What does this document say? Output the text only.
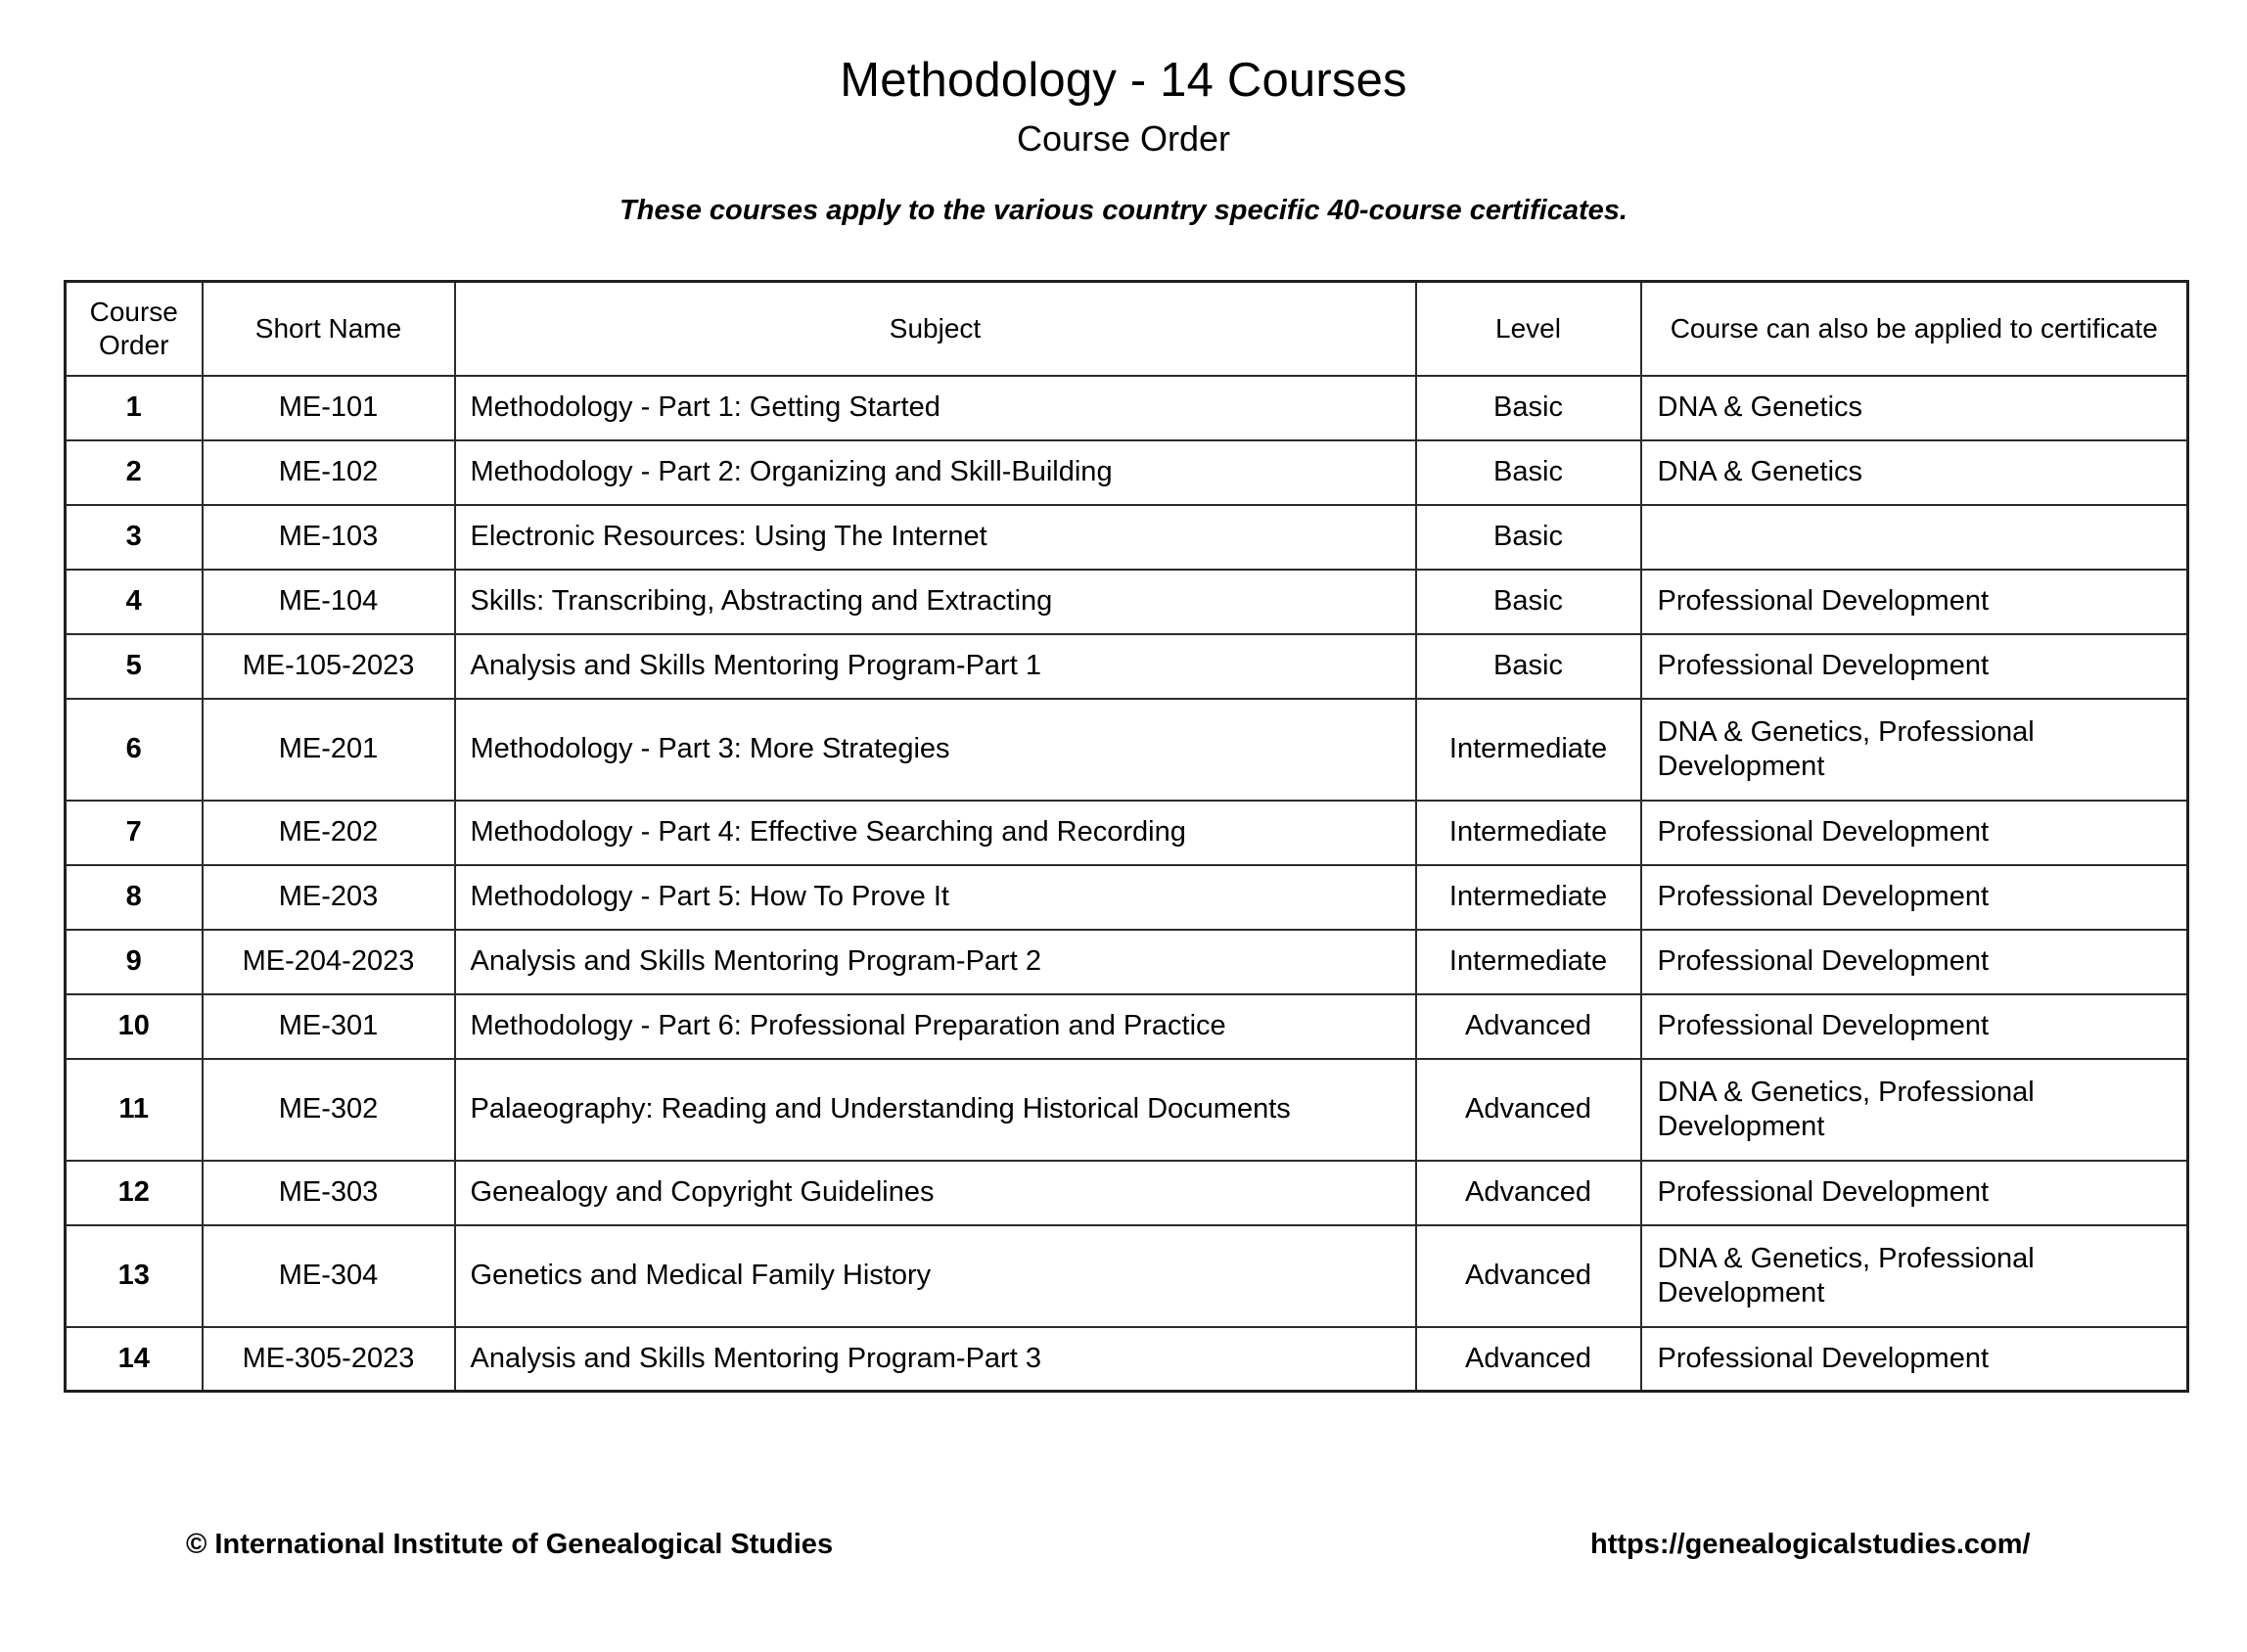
Methodology - 14 Courses
Course Order
These courses apply to the various country specific 40-course certificates.
Course Order	Short Name	Subject	Level	Course can also be applied to certificate
1	ME-101	Methodology - Part 1: Getting Started	Basic	DNA & Genetics
2	ME-102	Methodology - Part 2: Organizing and Skill-Building	Basic	DNA & Genetics
3	ME-103	Electronic Resources: Using The Internet	Basic	
4	ME-104	Skills: Transcribing, Abstracting and Extracting	Basic	Professional Development
5	ME-105-2023	Analysis and Skills Mentoring Program-Part 1	Basic	Professional Development
6	ME-201	Methodology - Part 3: More Strategies	Intermediate	DNA & Genetics, Professional Development
7	ME-202	Methodology - Part 4: Effective Searching and Recording	Intermediate	Professional Development
8	ME-203	Methodology - Part 5: How To Prove It	Intermediate	Professional Development
9	ME-204-2023	Analysis and Skills Mentoring Program-Part 2	Intermediate	Professional Development
10	ME-301	Methodology - Part 6: Professional Preparation and Practice	Advanced	Professional Development
11	ME-302	Palaeography: Reading and Understanding Historical Documents	Advanced	DNA & Genetics, Professional Development
12	ME-303	Genealogy and Copyright Guidelines	Advanced	Professional Development
13	ME-304	Genetics and Medical Family History	Advanced	DNA & Genetics, Professional Development
14	ME-305-2023	Analysis and Skills Mentoring Program-Part 3	Advanced	Professional Development
© International Institute of Genealogical Studies	https://genealogicalstudies.com/
